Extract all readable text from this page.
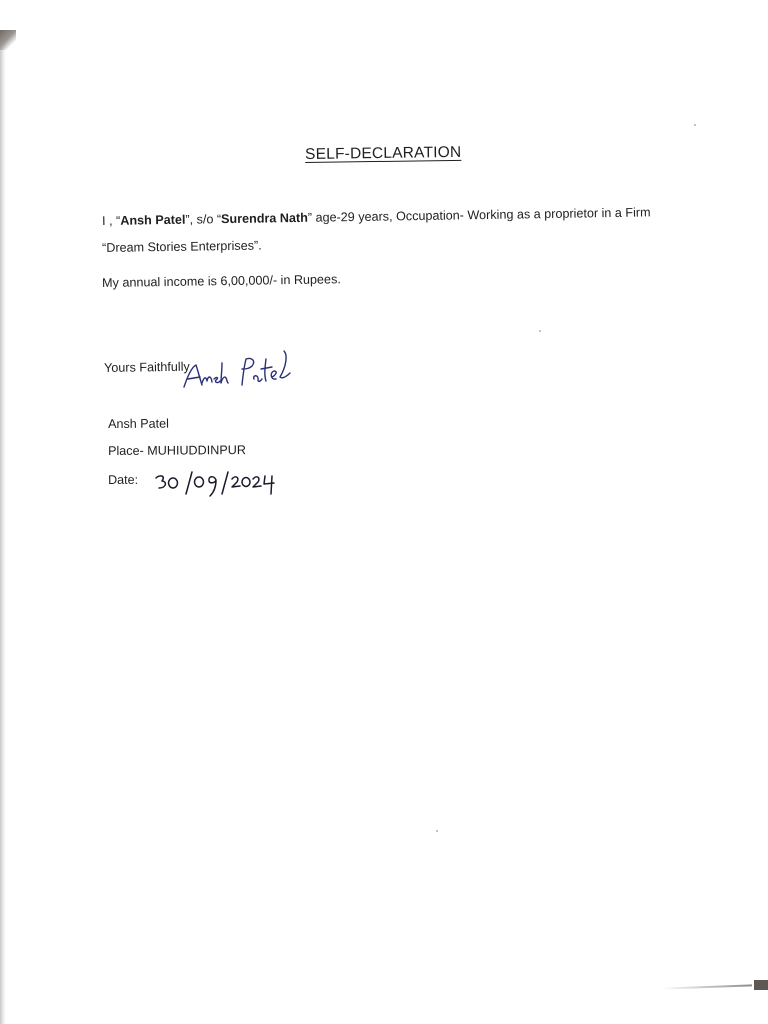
SELF-DECLARATION
I , “Ansh Patel”, s/o “Surendra Nath” age-29 years, Occupation- Working as a proprietor in a Firm
“Dream Stories Enterprises”.
My annual income is 6,00,000/- in Rupees.
Yours Faithfully
Ansh Patel
Place- MUHIUDDINPUR
Date:
